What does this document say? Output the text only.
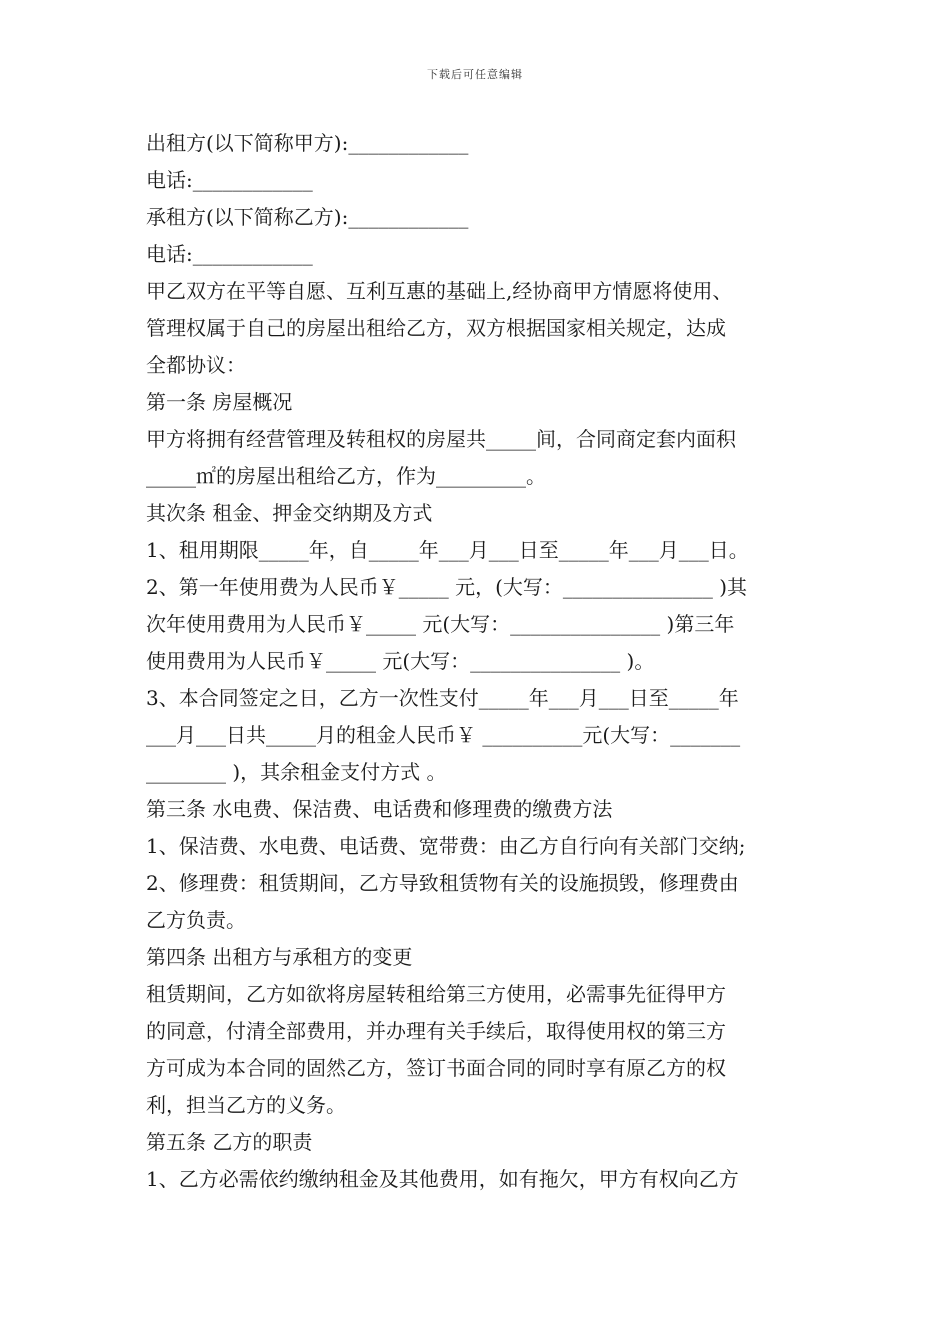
下载后可任意编辑
出租方(以下简称甲方):____________
电话:____________
承租方(以下简称乙方):____________
电话:____________
甲乙双方在平等自愿、互利互惠的基础上,经协商甲方情愿将使用、
管理权属于自己的房屋出租给乙方，双方根据国家相关规定，达成
全都协议：
第一条 房屋概况
甲方将拥有经营管理及转租权的房屋共_____间，合同商定套内面积
_____㎡的房屋出租给乙方，作为_________。
其次条 租金、押金交纳期及方式
1、租用期限_____年，自_____年___月___日至_____年___月___日。
2、第一年使用费为人民币￥_____ 元，(大写：_______________ )其
次年使用费用为人民币￥_____ 元(大写：_______________ )第三年
使用费用为人民币￥_____ 元(大写：_______________ )。
3、本合同签定之日，乙方一次性支付_____年___月___日至_____年
___月___日共_____月的租金人民币￥ __________元(大写：_______
________ )，其余租金支付方式 。
第三条 水电费、保洁费、电话费和修理费的缴费方法
1、保洁费、水电费、电话费、宽带费：由乙方自行向有关部门交纳;
2、修理费：租赁期间，乙方导致租赁物有关的设施损毁，修理费由
乙方负责。
第四条 出租方与承租方的变更
租赁期间，乙方如欲将房屋转租给第三方使用，必需事先征得甲方
的同意，付清全部费用，并办理有关手续后，取得使用权的第三方
方可成为本合同的固然乙方，签订书面合同的同时享有原乙方的权
利，担当乙方的义务。
第五条 乙方的职责
1、乙方必需依约缴纳租金及其他费用，如有拖欠，甲方有权向乙方
